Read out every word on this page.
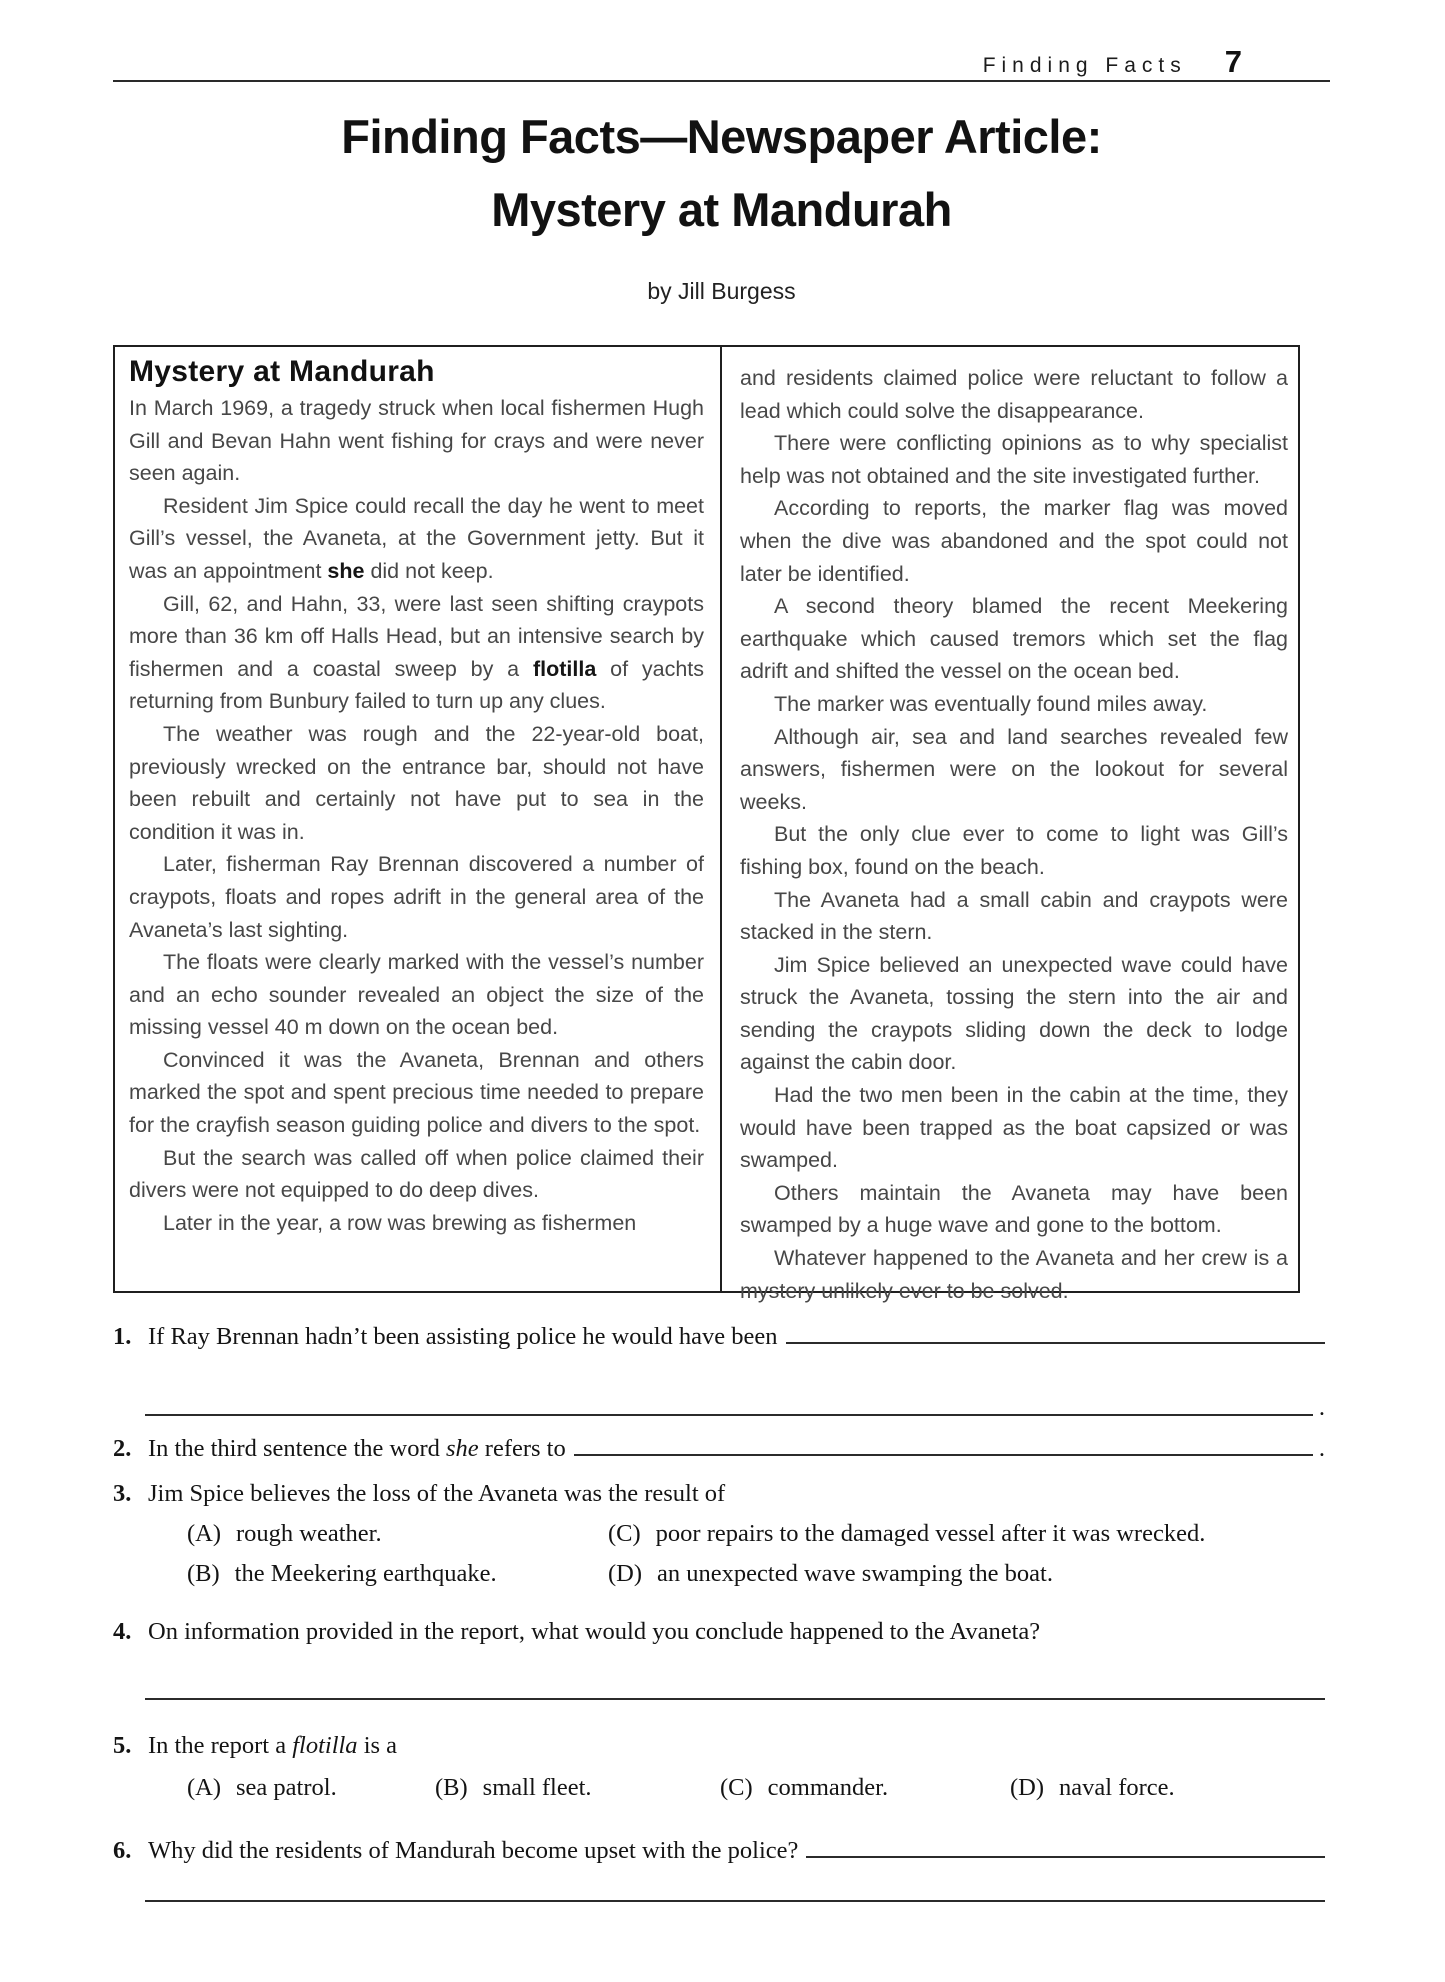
Finding Facts 7
Finding Facts—Newspaper Article:
Mystery at Mandurah
by Jill Burgess
Mystery at Mandurah

In March 1969, a tragedy struck when local fishermen Hugh Gill and Bevan Hahn went fishing for crays and were never seen again.

Resident Jim Spice could recall the day he went to meet Gill’s vessel, the Avaneta, at the Government jetty. But it was an appointment she did not keep.

Gill, 62, and Hahn, 33, were last seen shifting craypots more than 36 km off Halls Head, but an intensive search by fishermen and a coastal sweep by a flotilla of yachts returning from Bunbury failed to turn up any clues.

The weather was rough and the 22-year-old boat, previously wrecked on the entrance bar, should not have been rebuilt and certainly not have put to sea in the condition it was in.

Later, fisherman Ray Brennan discovered a number of craypots, floats and ropes adrift in the general area of the Avaneta’s last sighting.

The floats were clearly marked with the vessel’s number and an echo sounder revealed an object the size of the missing vessel 40 m down on the ocean bed.

Convinced it was the Avaneta, Brennan and others marked the spot and spent precious time needed to prepare for the crayfish season guiding police and divers to the spot.

But the search was called off when police claimed their divers were not equipped to do deep dives.

Later in the year, a row was brewing as fishermen

and residents claimed police were reluctant to follow a lead which could solve the disappearance.

There were conflicting opinions as to why specialist help was not obtained and the site investigated further.

According to reports, the marker flag was moved when the dive was abandoned and the spot could not later be identified.

A second theory blamed the recent Meekering earthquake which caused tremors which set the flag adrift and shifted the vessel on the ocean bed.

The marker was eventually found miles away.

Although air, sea and land searches revealed few answers, fishermen were on the lookout for several weeks.

But the only clue ever to come to light was Gill’s fishing box, found on the beach.

The Avaneta had a small cabin and craypots were stacked in the stern.

Jim Spice believed an unexpected wave could have struck the Avaneta, tossing the stern into the air and sending the craypots sliding down the deck to lodge against the cabin door.

Had the two men been in the cabin at the time, they would have been trapped as the boat capsized or was swamped.

Others maintain the Avaneta may have been swamped by a huge wave and gone to the bottom.

Whatever happened to the Avaneta and her crew is a mystery unlikely ever to be solved.

1. If Ray Brennan hadn’t been assisting police he would have been
.
2. In the third sentence the word she refers to	.
3. Jim Spice believes the loss of the Avaneta was the result of
(A) rough weather.
(B) the Meekering earthquake.
(C) poor repairs to the damaged vessel after it was wrecked.
(D) an unexpected wave swamping the boat.
4. On information provided in the report, what would you conclude happened to the Avaneta?
5. In the report a flotilla is a
(A) sea patrol.	(B) small fleet.	(C) commander.	(D) naval force.
6. Why did the residents of Mandurah become upset with the police?
